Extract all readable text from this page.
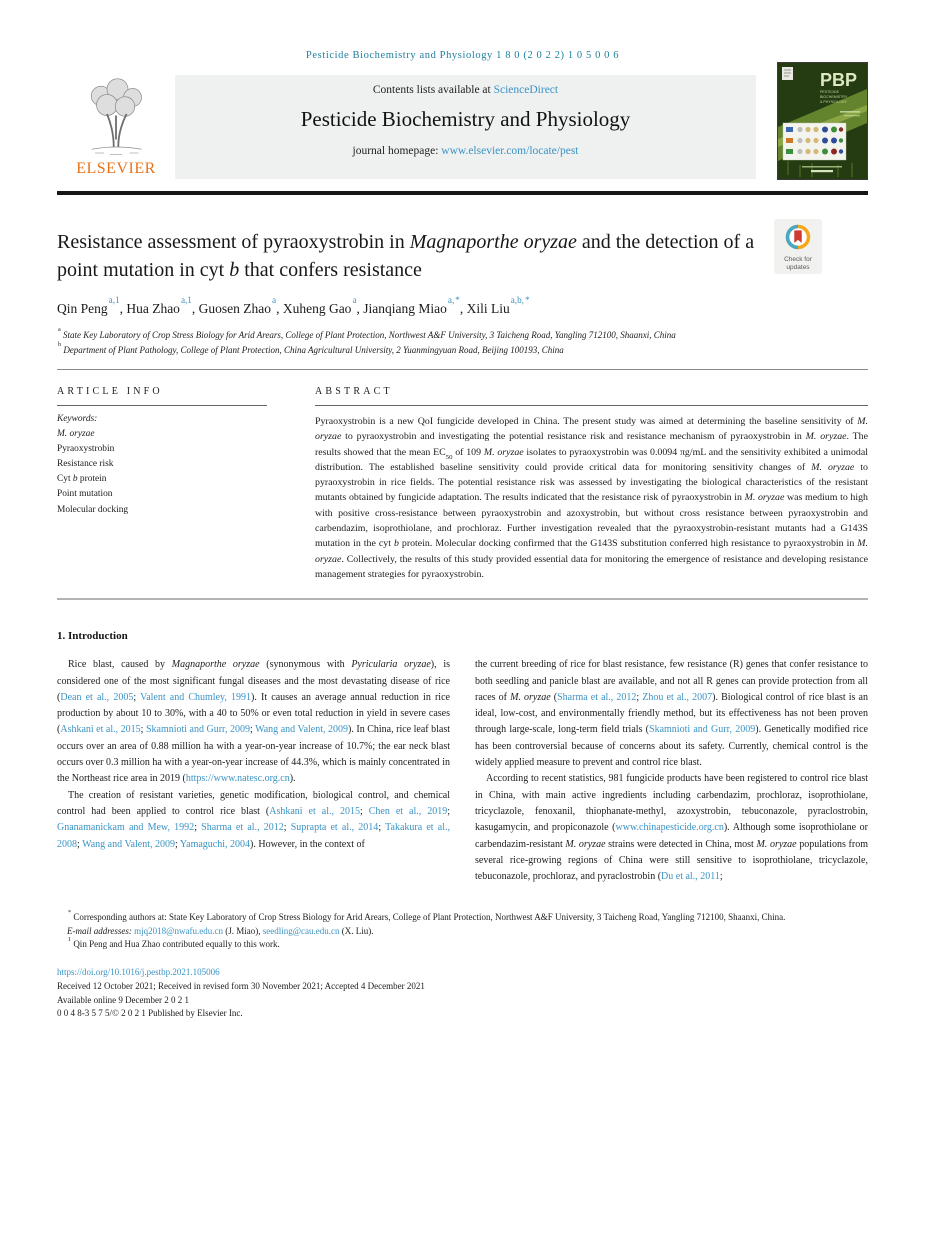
Pesticide Biochemistry and Physiology 1 8 0 (2 0 2 2) 1 0 5 0 0 6
ELSEVIER
Contents lists available at ScienceDirect
Pesticide Biochemistry and Physiology
journal homepage: www.elsevier.com/locate/pest
PBP
PESTICIDE
BIOCHEMISTRY
& PHYSIOLOGY
Resistance assessment of pyraoxystrobin in Magnaporthe oryzae and the detection of a point mutation in cyt b that confers resistance	Check for
updates
Qin Peng$^{a,1}$, Hua Zhao$^{a,1}$, Guosen Zhao$^a$, Xuheng Gao$^a$, Jianqiang Miao$^{a,*}$, Xili Liu$^{a,b,*}$

$^a$ State Key Laboratory of Crop Stress Biology for Arid Arears, College of Plant Protection, Northwest A&F University, 3 Taicheng Road, Yangling 712100, Shaanxi, China

$^b$ Department of Plant Pathology, College of Plant Protection, China Agricultural University, 2 Yuanmingyuan Road, Beijing 100193, China

ARTICLE INFO

Keywords:

M. oryzae

Pyraoxystrobin

Resistance risk

Cyt b protein

Point mutation

Molecular docking

ABSTRACT
Pyraoxystrobin is a new QoI fungicide developed in China. The present study was aimed at determining the baseline sensitivity of M. oryzae to pyraoxystrobin and investigating the potential resistance risk and resistance mechanism of pyraoxystrobin in M. oryzae. The results showed that the mean $EC_{50}$ of 109 M. oryzae isolates to pyraoxystrobin was 0.0094 πg/mL and the sensitivity exhibited a unimodal distribution. The established baseline sensitivity could provide critical data for monitoring sensitivity changes of M. oryzae to pyraoxystrobin in rice fields. The potential resistance risk was assessed by investigating the biological characteristics of the resistant mutants obtained by fungicide adaptation. The results indicated that the resistance risk of pyraoxystrobin in M. oryzae was medium to high with positive cross-resistance between pyraoxystrobin and azoxystrobin, but without cross resistance between pyraoxystrobin and carbendazim, isoprothiolane, and prochloraz. Further investigation revealed that the pyraoxystrobin-resistant mutants had a G143S mutation in the cyt b protein. Molecular docking confirmed that the G143S substitution conferred high resistance to pyraoxystrobin in M. oryzae. Collectively, the results of this study provided essential data for monitoring the emergence of resistance and developing resistance management strategies for pyraoxystrobin.
1. Introduction

Rice blast, caused by Magnaporthe oryzae (synonymous with Pyricularia oryzae), is considered one of the most significant fungal diseases and the most devastating disease of rice (Dean et al., 2005; Valent and Chumley, 1991). It causes an average annual reduction in rice production by about 10 to 30%, with a 40 to 50% or even total reduction in yield in severe cases (Ashkani et al., 2015; Skamnioti and Gurr, 2009; Wang and Valent, 2009). In China, rice leaf blast occurs over an area of 0.88 million ha with a year-on-year increase of 10.7%; the ear neck blast occurs over 0.3 million ha with a year-on-year increase of 44.3%, which is mainly concentrated in the Northeast rice area in 2019 (https://www.natesc.org.cn).

The creation of resistant varieties, genetic modification, biological control, and chemical control had been applied to control rice blast (Ashkani et al., 2015; Chen et al., 2019; Gnanamanickam and Mew, 1992; Sharma et al., 2012; Suprapta et al., 2014; Takakura et al., 2008; Wang and Valent, 2009; Yamaguchi, 2004). However, in the context of

the current breeding of rice for blast resistance, few resistance (R) genes that confer resistance to both seedling and panicle blast are available, and not all R genes can provide protection from all races of M. oryzae (Sharma et al., 2012; Zhou et al., 2007). Biological control of rice blast is an ideal, low-cost, and environmentally friendly method, but its effectiveness has not been proven through large-scale, long-term field trials (Skamnioti and Gurr, 2009). Genetically modified rice has been controversial because of concerns about its safety. Currently, chemical control is the widely applied measure to prevent and control rice blast.

According to recent statistics, 981 fungicide products have been registered to control rice blast in China, with main active ingredients including carbendazim, prochloraz, isoprothiolane, tricyclazole, fenoxanil, thiophanate-methyl, azoxystrobin, tebuconazole, pyraclostrobin, kasugamycin, and propiconazole (www.chinapesticide.org.cn). Although some isoprothiolane or carbendazim-resistant M. oryzae strains were detected in China, most M. oryzae populations from several rice-growing regions of China were still sensitive to isoprothiolane, tricyclazole, tebuconazole, prochloraz, and pyraclostrobin (Du et al., 2011;

* Corresponding authors at: State Key Laboratory of Crop Stress Biology for Arid Arears, College of Plant Protection, Northwest A&F University, 3 Taicheng Road, Yangling 712100, Shaanxi, China.

E-mail addresses: mjq2018@nwafu.edu.cn (J. Miao), seedling@cau.edu.cn (X. Liu).

$^1$ Qin Peng and Hua Zhao contributed equally to this work.

https://doi.org/10.1016/j.pestbp.2021.105006
Received 12 October 2021; Received in revised form 30 November 2021; Accepted 4 December 2021
Available online 9 December 2 0 2 1
0 0 4 8-3 5 7 5/© 2 0 2 1 Published by Elsevier Inc.
